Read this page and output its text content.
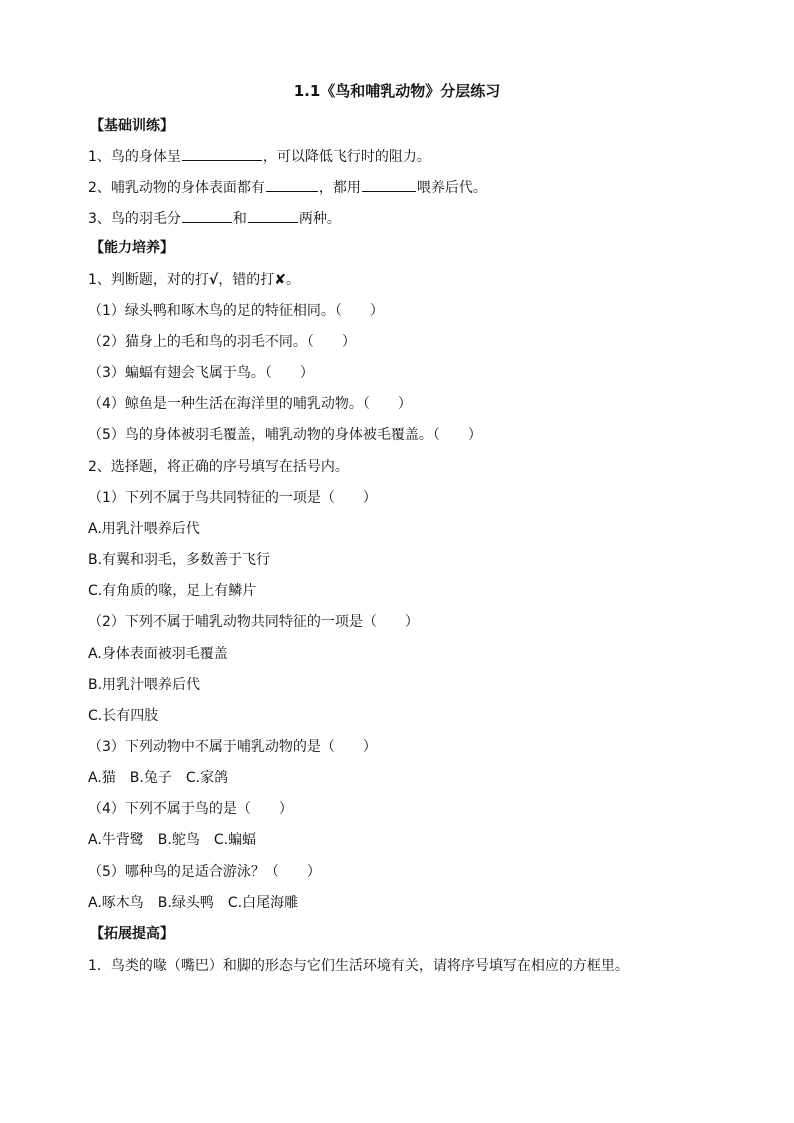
1.1《鸟和哺乳动物》分层练习
【基础训练】
1、鸟的身体呈	，可以降低飞行时的阻力。
2、哺乳动物的身体表面都有	，都用	喂养后代。
3、鸟的羽毛分	和	两种。
【能力培养】
1、判断题，对的打√，错的打✘。
（1）绿头鸭和啄木鸟的足的特征相同。（　　）
（2）猫身上的毛和鸟的羽毛不同。（　　）
（3）蝙蝠有翅会飞属于鸟。（　　）
（4）鲸鱼是一种生活在海洋里的哺乳动物。（　　）
（5）鸟的身体被羽毛覆盖，哺乳动物的身体被毛覆盖。（　　）
2、选择题，将正确的序号填写在括号内。
（1）下列不属于鸟共同特征的一项是（　　）
A.用乳汁喂养后代
B.有翼和羽毛，多数善于飞行
C.有角质的喙，足上有鳞片
（2）下列不属于哺乳动物共同特征的一项是（　　）
A.身体表面被羽毛覆盖
B.用乳汁喂养后代
C.长有四肢
（3）下列动物中不属于哺乳动物的是（　　）
A.猫 B.兔子 C.家鸽
（4）下列不属于鸟的是（　　）
A.牛背鹭 B.鸵鸟 C.蝙蝠
（5）哪种鸟的足适合游泳？（　　）
A.啄木鸟 B.绿头鸭 C.白尾海雕
【拓展提高】
1．鸟类的喙（嘴巴）和脚的形态与它们生活环境有关，请将序号填写在相应的方框里。
